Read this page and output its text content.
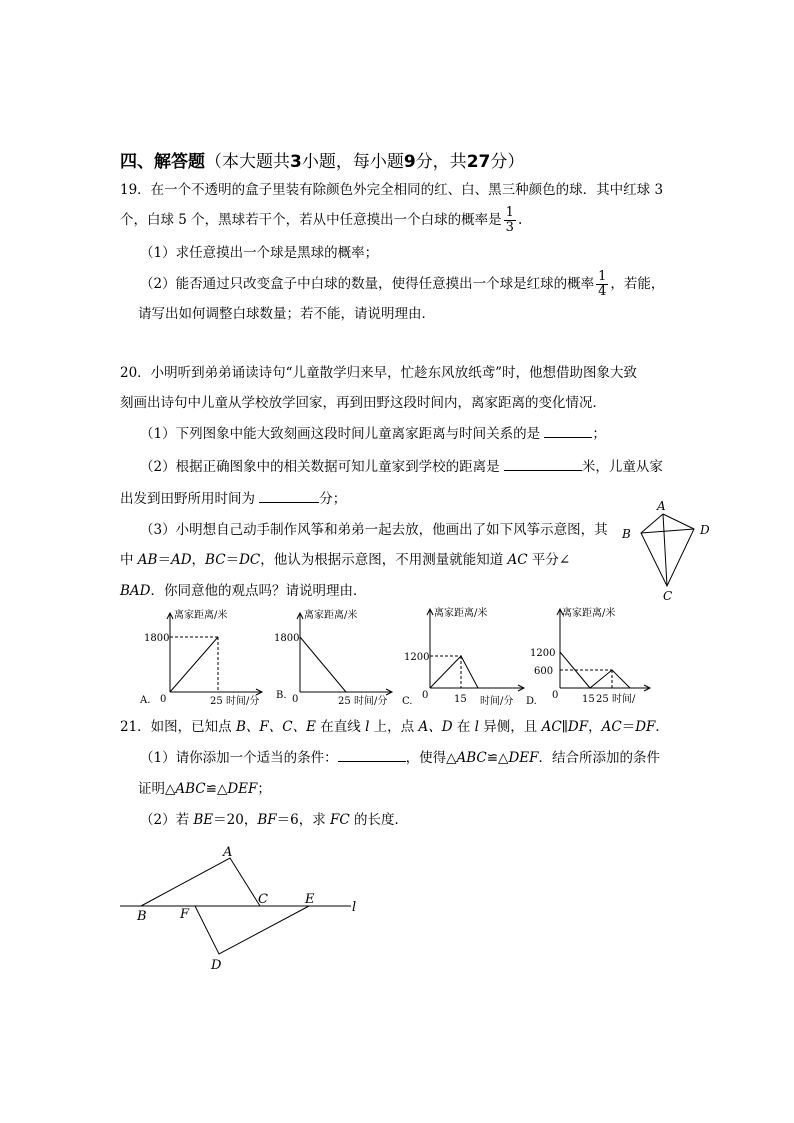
四、解答题（本大题共3小题，每小题9分，共27分）
19．在一个不透明的盒子里装有除颜色外完全相同的红、白、黑三种颜色的球．其中红球 3
个，白球 5 个，黑球若干个，若从中任意摸出一个白球的概率是 $\frac{1}{3}$ .
（1）求任意摸出一个球是黑球的概率；
（2）能否通过只改变盒子中白球的数量，使得任意摸出一个球是红球的概率 $\frac{1}{4}$ ，若能，
请写出如何调整白球数量；若不能，请说明理由．
20．小明听到弟弟诵读诗句“儿童散学归来早，忙趁东风放纸鸢”时，他想借助图象大致
刻画出诗句中儿童从学校放学回家，再到田野这段时间内，离家距离的变化情况．
（1）下列图象中能大致刻画这段时间儿童离家距离与时间关系的是	；
（2）根据正确图象中的相关数据可知儿童家到学校的距离是	米，儿童从家
出发到田野所用时间为	分；
（3）小明想自己动手制作风筝和弟弟一起去放，他画出了如下风筝示意图，其
中 AB＝AD，BC＝DC，他认为根据示意图，不用测量就能知道 AC 平分∠
BAD．你同意他的观点吗？请说明理由．
A
B
C
D
离家距离/米
1800
A. 0	25 时间/分
离家距离/米
1800
B. 0	25 时间/分
离家距离/米
1200
C.
0	15 时间/分
离家距离/米
1200
600
D.
0 15 25 时间/
21．如图，已知点 B、F、C、E 在直线 l 上，点 A、D 在 l 异侧，且 AC∥DF，AC＝DF．
（1）请你添加一个适当的条件：	，使得△ABC≌△DEF．结合所添加的条件
证明△ABC≌△DEF；
（2）若 BE＝20，BF＝6，求 FC 的长度．
A
B	F
C	E
D
l
